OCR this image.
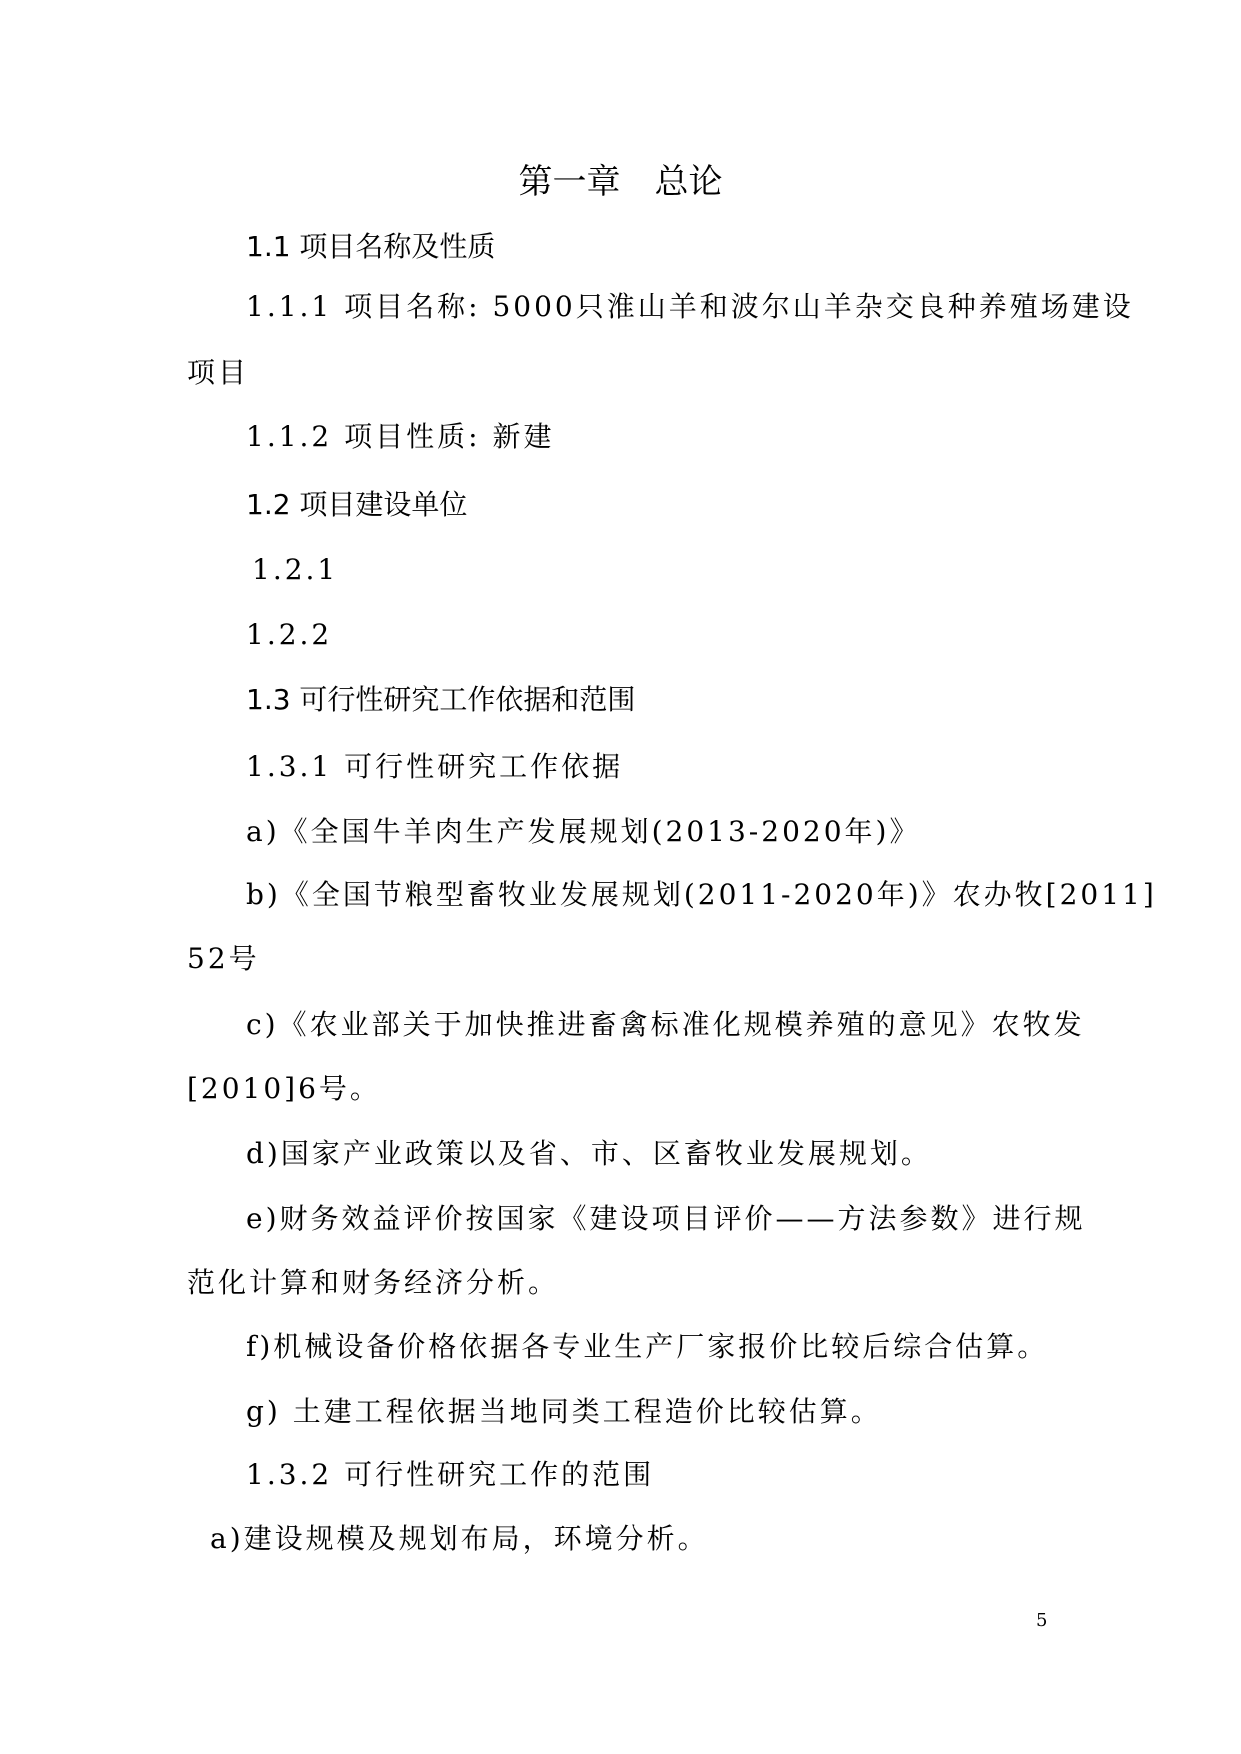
第一章　总论
1.1 项目名称及性质
1.1.1 项目名称: 5000只淮山羊和波尔山羊杂交良种养殖场建设
项目
1.1.2 项目性质: 新建
1.2 项目建设单位
1.2.1
1.2.2
1.3 可行性研究工作依据和范围
1.3.1 可行性研究工作依据
a)《全国牛羊肉生产发展规划(2013-2020年)》
b)《全国节粮型畜牧业发展规划(2011-2020年)》农办牧[2011]
52号
c)《农业部关于加快推进畜禽标准化规模养殖的意见》农牧发
[2010]6号。
d)国家产业政策以及省、市、区畜牧业发展规划。
e)财务效益评价按国家《建设项目评价——方法参数》进行规
范化计算和财务经济分析。
f)机械设备价格依据各专业生产厂家报价比较后综合估算。
g) 土建工程依据当地同类工程造价比较估算。
1.3.2 可行性研究工作的范围
a)建设规模及规划布局，环境分析。
5
